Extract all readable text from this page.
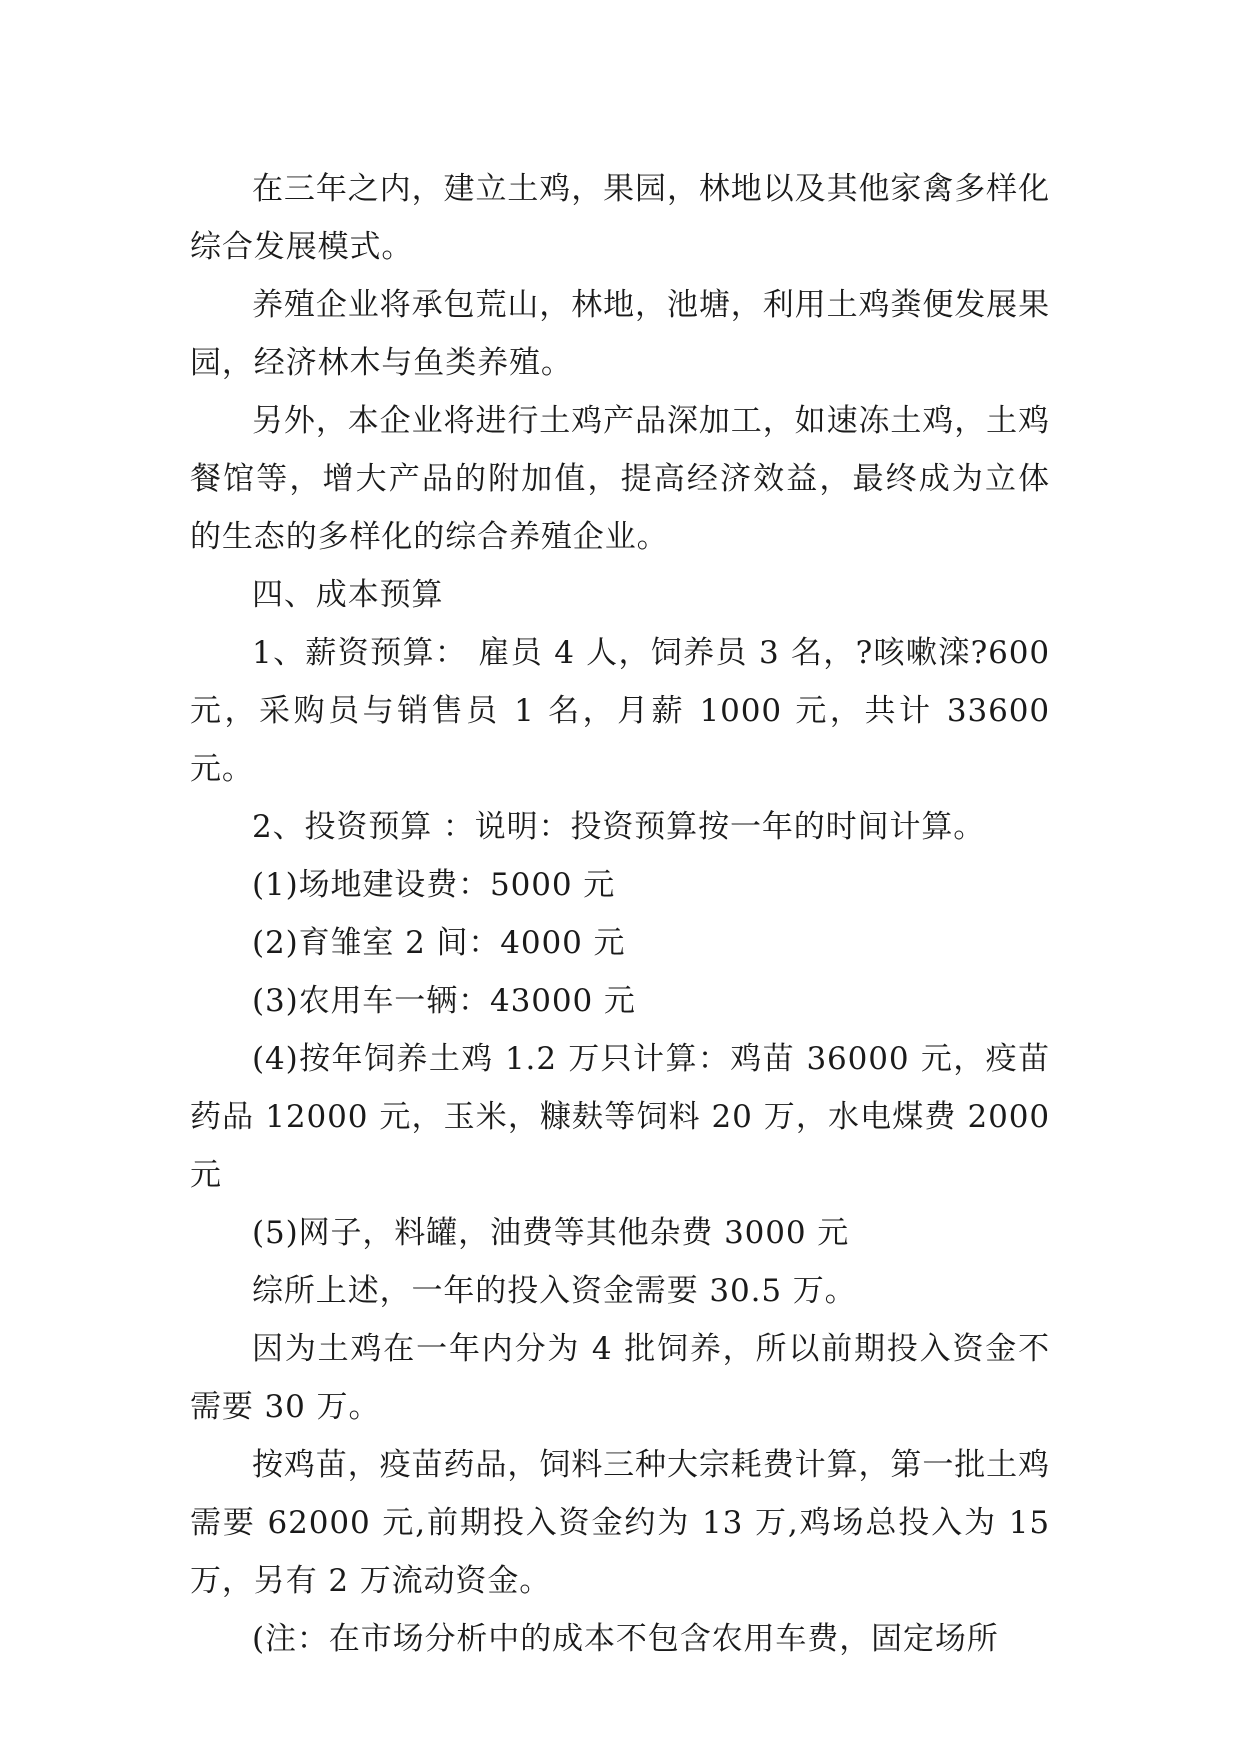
在三年之内，建立土鸡，果园，林地以及其他家禽多样化综合发展模式。

养殖企业将承包荒山，林地，池塘，利用土鸡粪便发展果园，经济林木与鱼类养殖。

另外，本企业将进行土鸡产品深加工，如速冻土鸡，土鸡餐馆等，增大产品的附加值，提高经济效益，最终成为立体的生态的多样化的综合养殖企业。

四、成本预算

1、薪资预算： 雇员 4 人，饲养员 3 名，?咳嗽滦?600 元，采购员与销售员 1 名，月薪 1000 元，共计 33600 元。

2、投资预算 ：说明：投资预算按一年的时间计算。

(1)场地建设费：5000 元

(2)育雏室 2 间：4000 元

(3)农用车一辆：43000 元

(4)按年饲养土鸡 1.2 万只计算：鸡苗 36000 元，疫苗药品 12000 元，玉米，糠麸等饲料 20 万，水电煤费 2000 元

(5)网子，料罐，油费等其他杂费 3000 元

综所上述，一年的投入资金需要 30.5 万。

因为土鸡在一年内分为 4 批饲养，所以前期投入资金不需要 30 万。

按鸡苗，疫苗药品，饲料三种大宗耗费计算，第一批土鸡需要 62000 元,前期投入资金约为 13 万,鸡场总投入为 15 万，另有 2 万流动资金。

(注：在市场分析中的成本不包含农用车费，固定场所
